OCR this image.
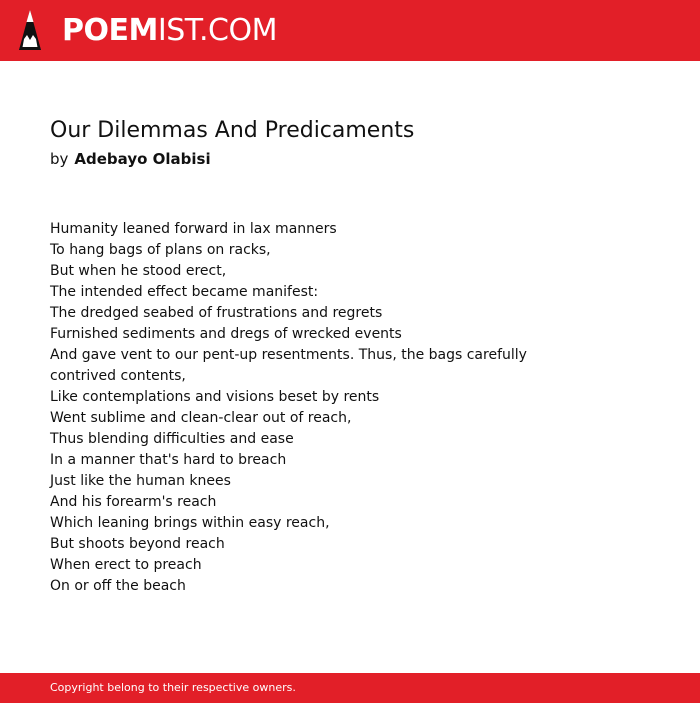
POEMIST.COM
Our Dilemmas And Predicaments
by Adebayo Olabisi
Humanity leaned forward in lax manners
To hang bags of plans on racks,
But when he stood erect,
The intended effect became manifest:
The dredged seabed of frustrations and regrets
Furnished sediments and dregs of wrecked events
And gave vent to our pent-up resentments. Thus, the bags carefully
contrived contents,
Like contemplations and visions beset by rents
Went sublime and clean-clear out of reach,
Thus blending difficulties and ease
In a manner that's hard to breach
Just like the human knees
And his forearm's reach
Which leaning brings within easy reach,
But shoots beyond reach
When erect to preach
On or off the beach
Copyright belong to their respective owners.
